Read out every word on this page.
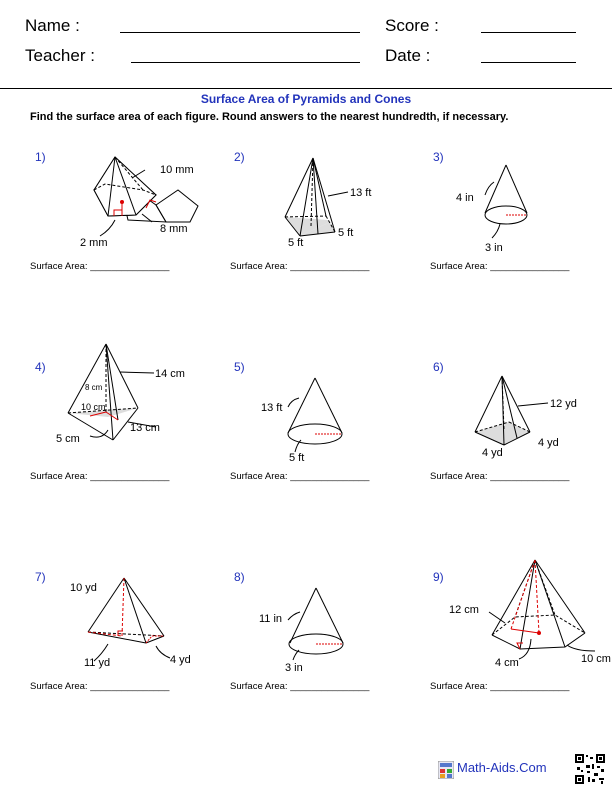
Name :	Score :
Teacher :	Date :
Surface Area of Pyramids and Cones
Find the surface area of each figure. Round answers to the nearest hundredth, if necessary.
1)
10 mm
8 mm
2 mm
Surface Area: _______________
2)
13 ft
5 ft
5 ft
Surface Area: _______________
3)
4 in
3 in
Surface Area: _______________
4)	14 cm
8 cm
10 cm
5 cm
13 cm
Surface Area: _______________
5)
13 ft
5 ft
Surface Area: _______________
6)
12 yd
4 yd
4 yd
Surface Area: _______________
7)
10 yd
11 yd	4 yd
Surface Area: _______________
8)
11 in
3 in
Surface Area: _______________
9)
12 cm
4 cm	10 cm
Surface Area: _______________
Math-Aids.Com
